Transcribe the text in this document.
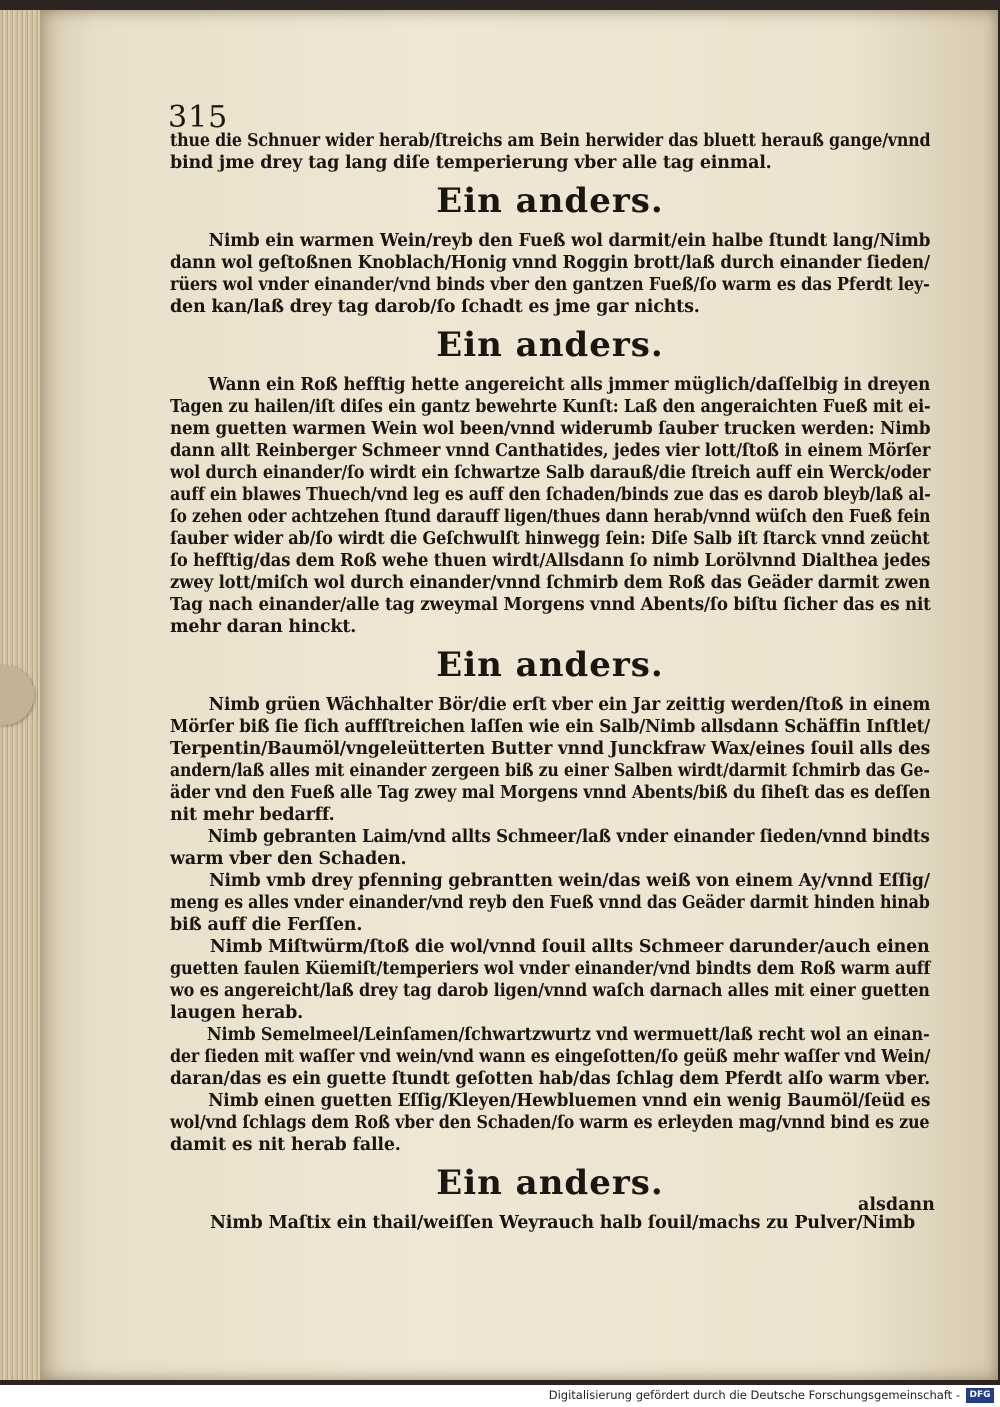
315
thue die Schnuer wider herab/ſtreichs am Bein herwider das bluett herauß gange/vnnd
bind jme drey tag lang diſe temperierung vber alle tag einmal.
Ein anders.
Nimb ein warmen Wein/reyb den Fueß wol darmit/ein halbe ſtundt lang/Nimb
dann wol geſtoßnen Knoblach/Honig vnnd Roggin brott/laß durch einander ſieden/
rüers wol vnder einander/vnd binds vber den gantzen Fueß/ſo warm es das Pferdt ley-
den kan/laß drey tag darob/ſo ſchadt es jme gar nichts.
Ein anders.
Wann ein Roß hefftig hette angereicht alls jmmer müglich/daſſelbig in dreyen
Tagen zu hailen/iſt diſes ein gantz bewehrte Kunſt: Laß den angeraichten Fueß mit ei-
nem guetten warmen Wein wol been/vnnd widerumb ſauber trucken werden: Nimb
dann allt Reinberger Schmeer vnnd Canthatides, jedes vier lott/ſtoß in einem Mörſer
wol durch einander/ſo wirdt ein ſchwartze Salb darauß/die ſtreich auff ein Werck/oder
auff ein blawes Thuech/vnd leg es auff den ſchaden/binds zue das es darob bleyb/laß al-
ſo zehen oder achtzehen ſtund darauff ligen/thues dann herab/vnnd wüſch den Fueß fein
ſauber wider ab/ſo wirdt die Geſchwulſt hinwegg ſein: Diſe Salb iſt ſtarck vnnd zeücht
ſo hefftig/das dem Roß wehe thuen wirdt/Allsdann ſo nimb Lorölvnnd Dialthea jedes
zwey lott/miſch wol durch einander/vnnd ſchmirb dem Roß das Geäder darmit zwen
Tag nach einander/alle tag zweymal Morgens vnnd Abents/ſo biſtu ſicher das es nit
mehr daran hinckt.
Ein anders.
Nimb grüen Wächhalter Bör/die erſt vber ein Jar zeittig werden/ſtoß in einem
Mörſer biß ſie ſich auffſtreichen laſſen wie ein Salb/Nimb allsdann Schäffin Inſtlet/
Terpentin/Baumöl/vngeleütterten Butter vnnd Junckfraw Wax/eines ſouil alls des
andern/laß alles mit einander zergeen biß zu einer Salben wirdt/darmit ſchmirb das Ge-
äder vnd den Fueß alle Tag zwey mal Morgens vnnd Abents/biß du ſiheſt das es deſſen
nit mehr bedarff.
Nimb gebranten Laim/vnd allts Schmeer/laß vnder einander ſieden/vnnd bindts
warm vber den Schaden.
Nimb vmb drey pfenning gebrantten wein/das weiß von einem Ay/vnnd Eſſig/
meng es alles vnder einander/vnd reyb den Fueß vnnd das Geäder darmit hinden hinab
biß auff die Ferſſen.
Nimb Miſtwürm/ſtoß die wol/vnnd ſouil allts Schmeer darunder/auch einen
guetten faulen Küemiſt/temperiers wol vnder einander/vnd bindts dem Roß warm auff
wo es angereicht/laß drey tag darob ligen/vnnd waſch darnach alles mit einer guetten
laugen herab.
Nimb Semelmeel/Leinſamen/ſchwartzwurtz vnd wermuett/laß recht wol an einan-
der ſieden mit waſſer vnd wein/vnd wann es eingeſotten/ſo geüß mehr waſſer vnd Wein/
daran/das es ein guette ſtundt geſotten hab/das ſchlag dem Pferdt alſo warm vber.
Nimb einen guetten Eſſig/Kleyen/Hewbluemen vnnd ein wenig Baumöl/ſeüd es
wol/vnd ſchlags dem Roß vber den Schaden/ſo warm es erleyden mag/vnnd bind es zue
damit es nit herab falle.
Ein anders.
Nimb Maſtix ein thail/weiſſen Weyrauch halb ſouil/machs zu Pulver/Nimb
alsdann
Digitalisierung gefördert durch die Deutsche Forschungsgemeinschaft -	DFG
